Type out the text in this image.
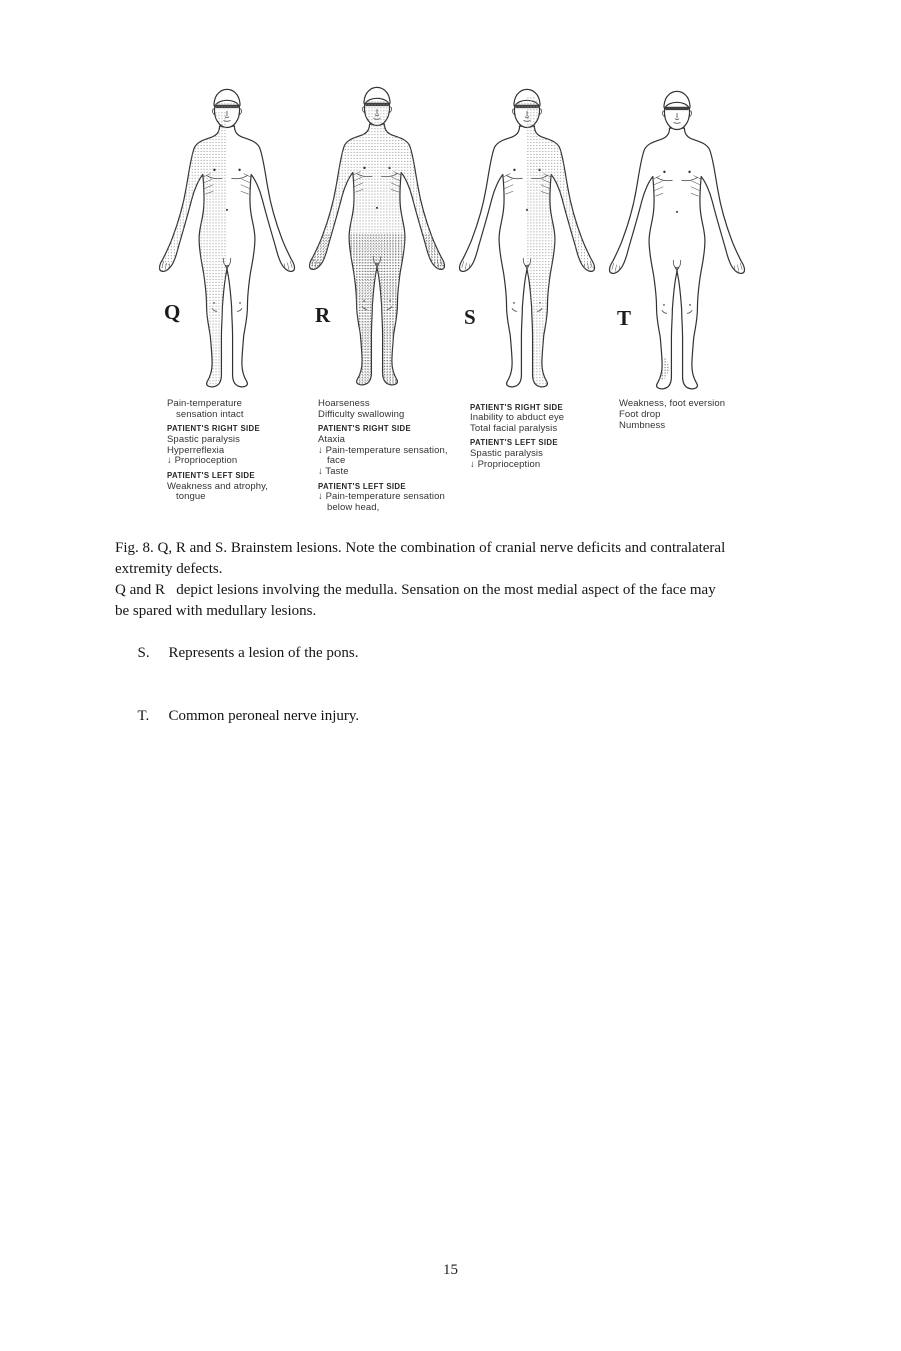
Q	R	S	T
Pain-temperature
sensation intact
PATIENT'S RIGHT SIDE
Spastic paralysis
Hyperreflexia
↓ Proprioception
PATIENT'S LEFT SIDE
Weakness and atrophy,
tongue
Hoarseness
Difficulty swallowing
PATIENT'S RIGHT SIDE
Ataxia
↓ Pain-temperature sensation,
face
↓ Taste
PATIENT'S LEFT SIDE
↓ Pain-temperature sensation
below head,
PATIENT'S RIGHT SIDE
Inability to abduct eye
Total facial paralysis
PATIENT'S LEFT SIDE
Spastic paralysis
↓ Proprioception
Weakness, foot eversion
Foot drop
Numbness
Fig. 8. Q, R and S. Brainstem lesions. Note the combination of cranial nerve deficits and contralateral
extremity defects.
Q and R   depict lesions involving the medulla. Sensation on the most medial aspect of the face may
be spared with medullary lesions.

S. Represents a lesion of the pons.

T. Common peroneal nerve injury.

15
